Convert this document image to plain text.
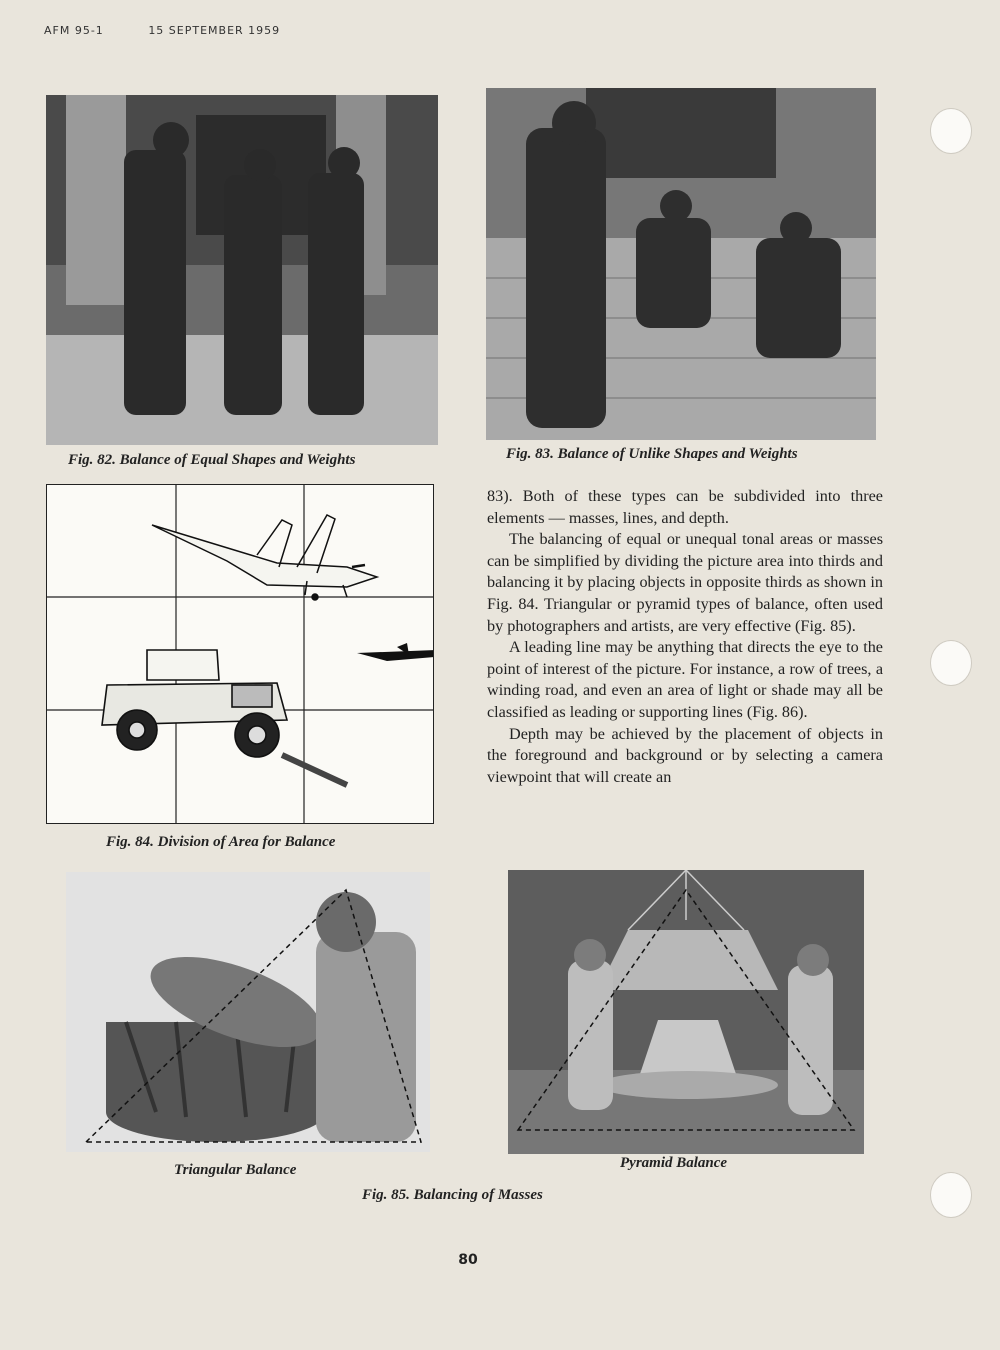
AFM 95-1	15 SEPTEMBER 1959
Fig. 82. Balance of Equal Shapes and Weights	Fig. 83. Balance of Unlike Shapes and Weights
Fig. 84. Division of Area for Balance
Triangular Balance	Pyramid Balance
Fig. 85. Balancing of Masses

83). Both of these types can be subdivided into three elements — masses, lines, and depth.

The balancing of equal or unequal tonal areas or masses can be simplified by dividing the picture area into thirds and balancing it by placing objects in opposite thirds as shown in Fig. 84. Triangular or pyramid types of balance, often used by photographers and artists, are very effective (Fig. 85).

A leading line may be anything that directs the eye to the point of interest of the picture. For instance, a row of trees, a winding road, and even an area of light or shade may all be classified as leading or supporting lines (Fig. 86).

Depth may be achieved by the placement of objects in the foreground and background or by selecting a camera viewpoint that will create an

80
